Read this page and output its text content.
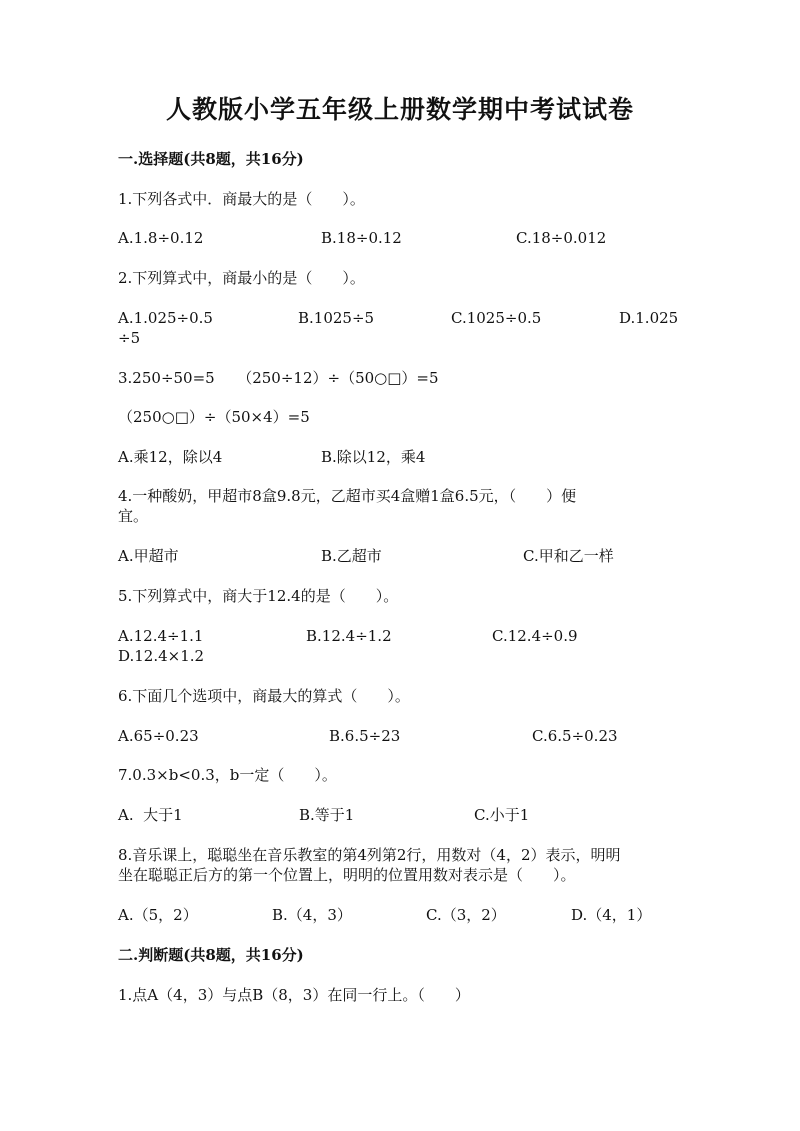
人教版小学五年级上册数学期中考试试卷
一.选择题(共8题，共16分)
1.下列各式中．商最大的是（　　）。
A.1.8÷0.12	B.18÷0.12	C.18÷0.012
2.下列算式中，商最小的是（　　）。
A.1.025÷0.5	B.1025÷5	C.1025÷0.5	D.1.025
÷5
3.250÷50=5　　（250÷12）÷（50○□）=5
（250○□）÷（50×4）=5
A.乘12，除以4	B.除以12，乘4
4.一种酸奶，甲超市8盒9.8元，乙超市买4盒赠1盒6.5元，（　　）便
宜。
A.甲超市	B.乙超市	C.甲和乙一样
5.下列算式中，商大于12.4的是（　　）。
A.12.4÷1.1	B.12.4÷1.2	C.12.4÷0.9
D.12.4×1.2
6.下面几个选项中，商最大的算式（　　）。
A.65÷0.23	B.6.5÷23	C.6.5÷0.23
7.0.3×b<0.3，b一定（　　）。
A.  大于1	B.等于1	C.小于1
8.音乐课上，聪聪坐在音乐教室的第4列第2行，用数对（4，2）表示，明明
坐在聪聪正后方的第一个位置上，明明的位置用数对表示是（　　）。
A.（5，2）	B.（4，3）	C.（3，2）	D.（4，1）
二.判断题(共8题，共16分)
1.点A（4，3）与点B（8，3）在同一行上。（　　）
